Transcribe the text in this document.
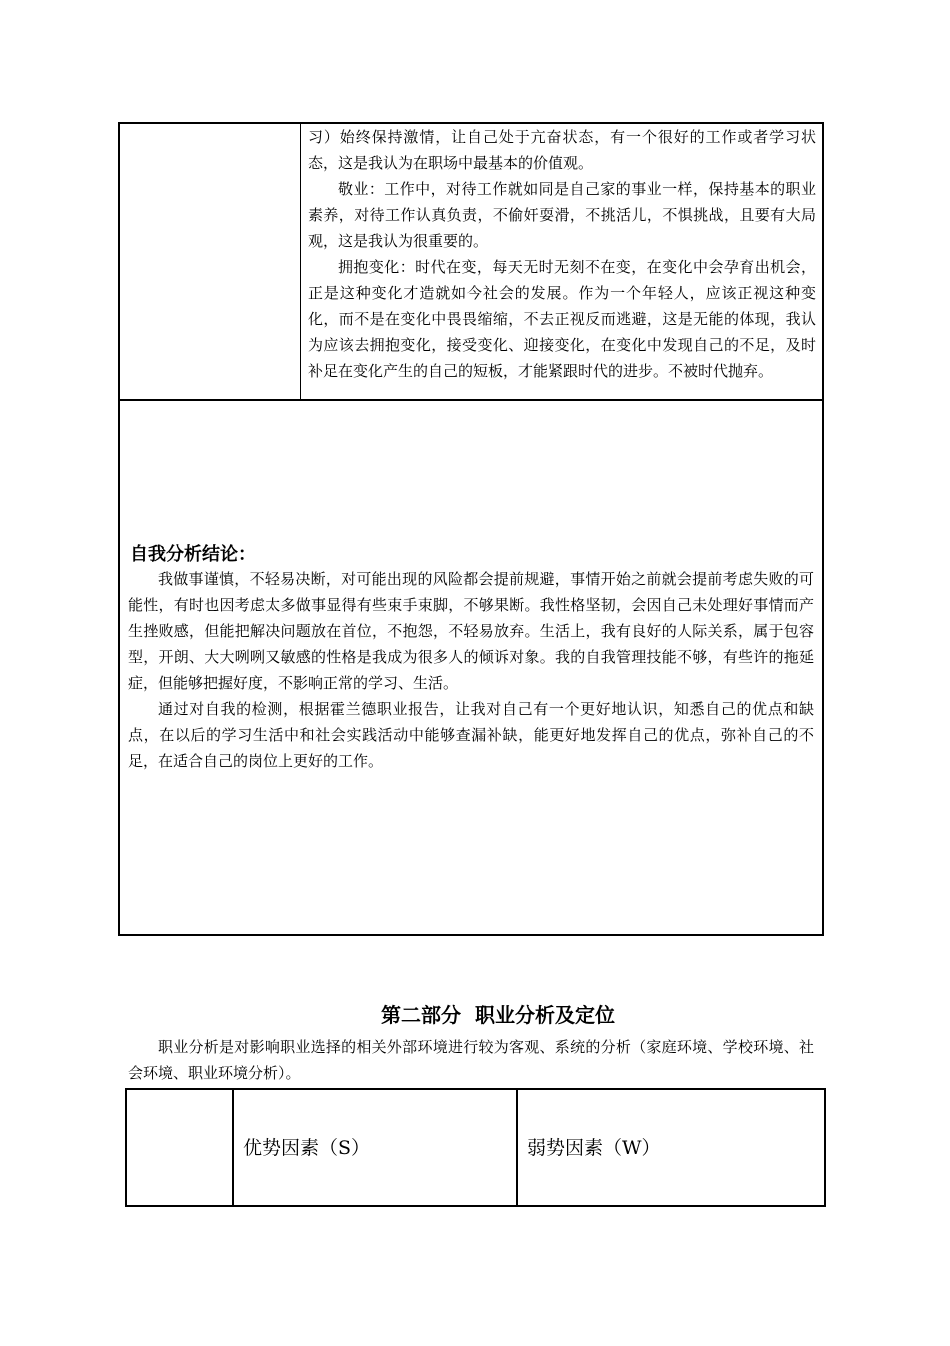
习）始终保持激情，让自己处于亢奋状态，有一个很好的工作或者学习状态，这是我认为在职场中最基本的价值观。

敬业：工作中，对待工作就如同是自己家的事业一样，保持基本的职业素养，对待工作认真负责，不偷奸耍滑，不挑活儿，不惧挑战，且要有大局观，这是我认为很重要的。

拥抱变化：时代在变，每天无时无刻不在变，在变化中会孕育出机会，正是这种变化才造就如今社会的发展。作为一个年轻人，应该正视这种变化，而不是在变化中畏畏缩缩，不去正视反而逃避，这是无能的体现，我认为应该去拥抱变化，接受变化、迎接变化，在变化中发现自己的不足，及时补足在变化产生的自己的短板，才能紧跟时代的进步。不被时代抛弃。

自我分析结论：

我做事谨慎，不轻易决断，对可能出现的风险都会提前规避，事情开始之前就会提前考虑失败的可能性，有时也因考虑太多做事显得有些束手束脚，不够果断。我性格坚韧，会因自己未处理好事情而产生挫败感，但能把解决问题放在首位，不抱怨，不轻易放弃。生活上，我有良好的人际关系，属于包容型，开朗、大大咧咧又敏感的性格是我成为很多人的倾诉对象。我的自我管理技能不够，有些许的拖延症，但能够把握好度，不影响正常的学习、生活。

通过对自我的检测，根据霍兰德职业报告，让我对自己有一个更好地认识，知悉自己的优点和缺点，在以后的学习生活中和社会实践活动中能够查漏补缺，能更好地发挥自己的优点，弥补自己的不足，在适合自己的岗位上更好的工作。

第二部分  职业分析及定位

职业分析是对影响职业选择的相关外部环境进行较为客观、系统的分析（家庭环境、学校环境、社会环境、职业环境分析）。

优势因素（S）	弱势因素（W）
